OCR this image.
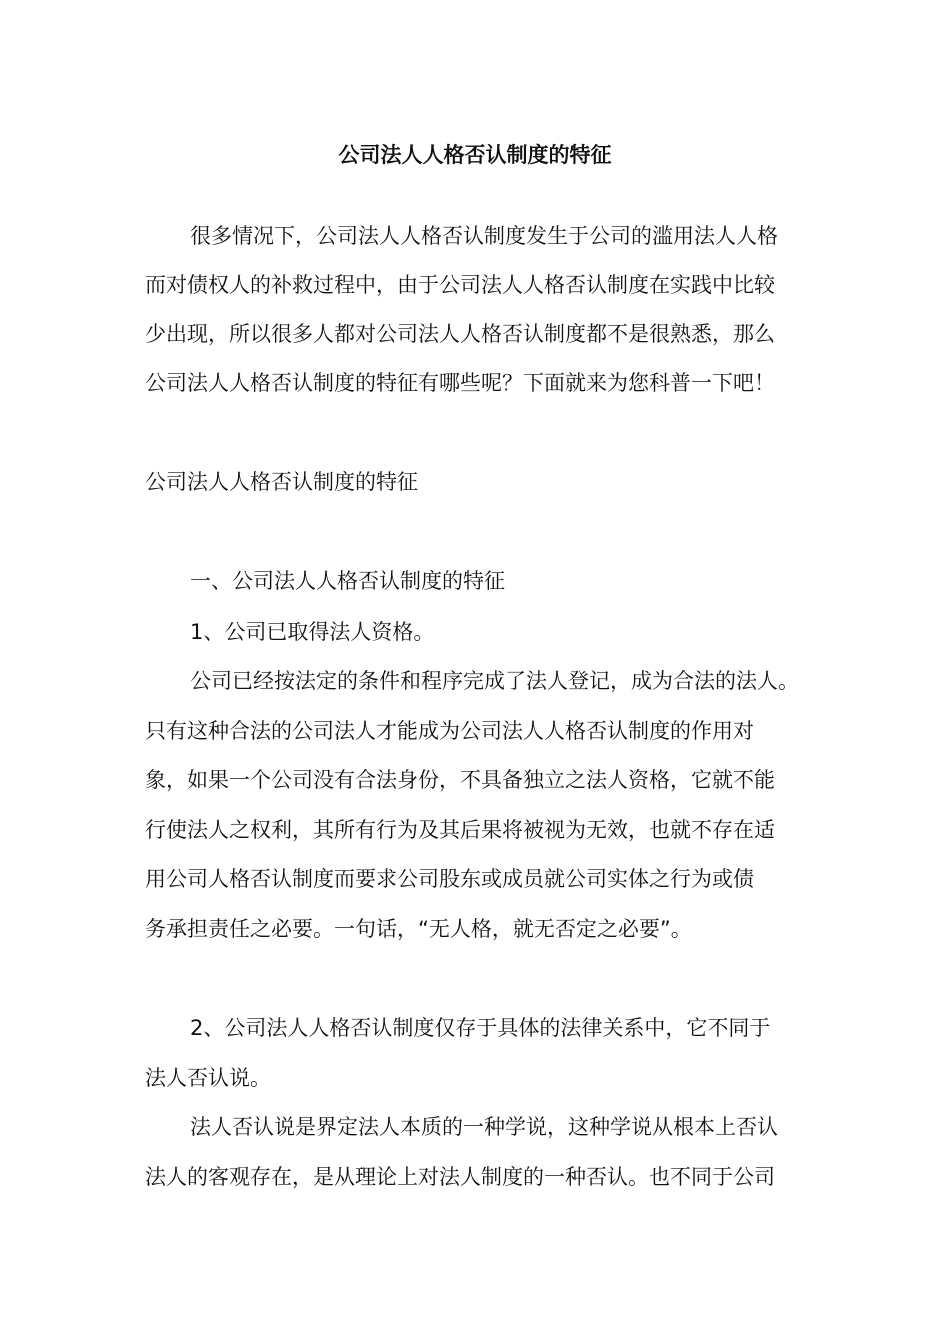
公司法人人格否认制度的特征
很多情况下，公司法人人格否认制度发生于公司的滥用法人人格
而对债权人的补救过程中，由于公司法人人格否认制度在实践中比较
少出现，所以很多人都对公司法人人格否认制度都不是很熟悉，那么
公司法人人格否认制度的特征有哪些呢？下面就来为您科普一下吧！
公司法人人格否认制度的特征
一、公司法人人格否认制度的特征
1、公司已取得法人资格。
公司已经按法定的条件和程序完成了法人登记，成为合法的法人。
只有这种合法的公司法人才能成为公司法人人格否认制度的作用对
象，如果一个公司没有合法身份，不具备独立之法人资格，它就不能
行使法人之权利，其所有行为及其后果将被视为无效，也就不存在适
用公司人格否认制度而要求公司股东或成员就公司实体之行为或债
务承担责任之必要。一句话，“无人格，就无否定之必要”。
2、公司法人人格否认制度仅存于具体的法律关系中，它不同于
法人否认说。
法人否认说是界定法人本质的一种学说，这种学说从根本上否认
法人的客观存在，是从理论上对法人制度的一种否认。也不同于公司
